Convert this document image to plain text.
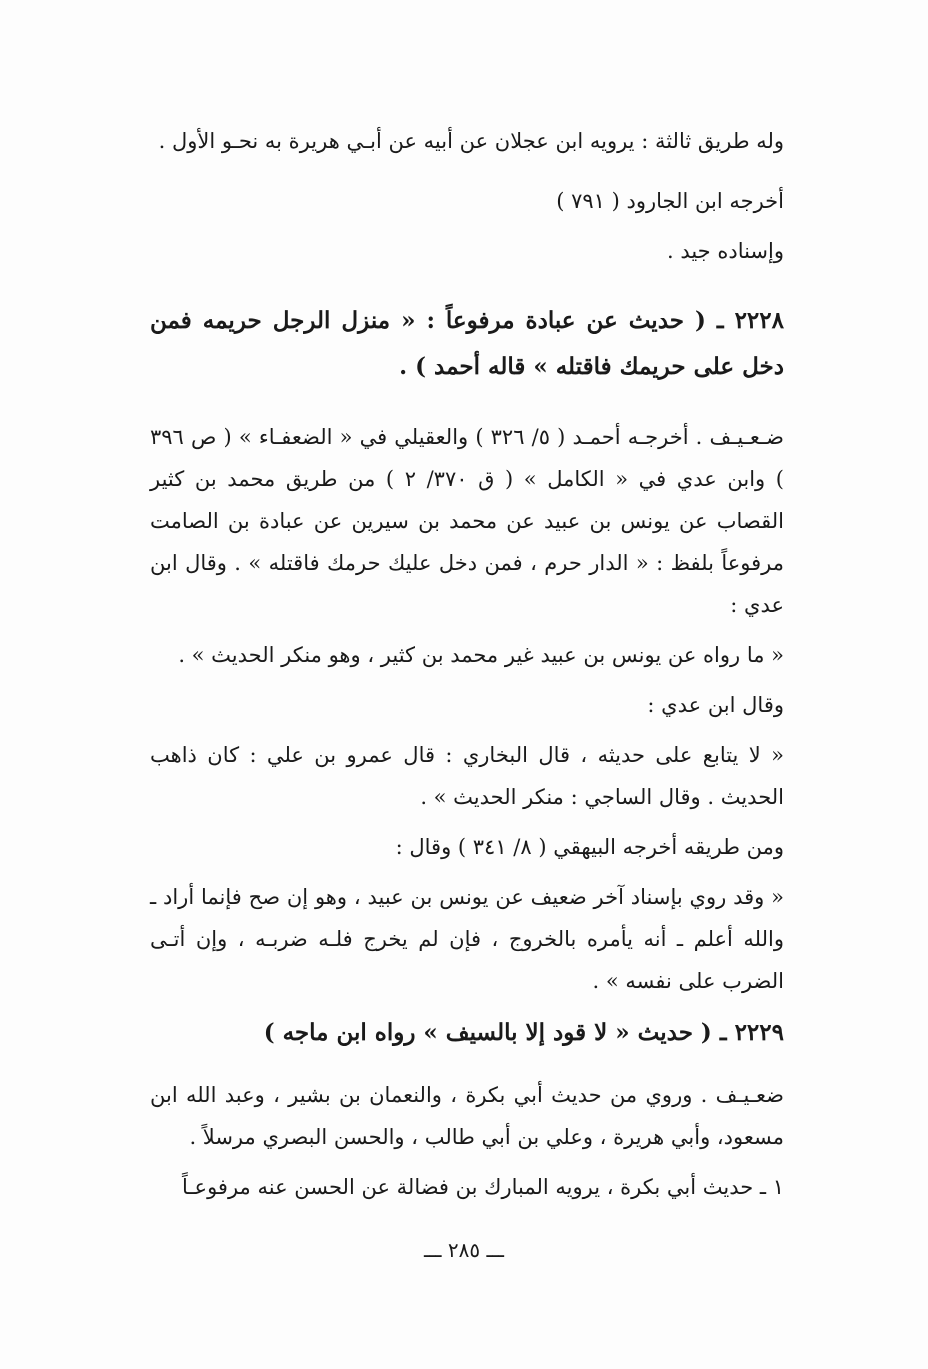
وله طريق ثالثة : يرويه ابن عجلان عن أبيه عن أبـي هريرة به نحـو الأول .

أخرجه ابن الجارود ( ٧٩١ )

وإسناده جيد .

٢٢٢٨ ـ ( حديث عن عبادة مرفوعاً : « منزل الرجل حريمه فمن دخل على حريمك فاقتله » قاله أحمد ) .

ضـعـيـف . أخرجـه أحمـد ( ٥/ ٣٢٦ ) والعقيلي في « الضعفـاء » ( ص ٣٩٦ ) وابن عدي في « الكامل » ( ق ٣٧٠/ ٢ ) من طريق محمد بن كثير القصاب عن يونس بن عبيد عن محمد بن سيرين عن عبادة بن الصامت مرفوعاً بلفظ : « الدار حرم ، فمن دخل عليك حرمك فاقتله » . وقال ابن عدي :

« ما رواه عن يونس بن عبيد غير محمد بن كثير ، وهو منكر الحديث » .

وقال ابن عدي :

« لا يتابع على حديثه ، قال البخاري : قال عمرو بن علي : كان ذاهب الحديث . وقال الساجي : منكر الحديث » .

ومن طريقه أخرجه البيهقي ( ٨/ ٣٤١ ) وقال :

« وقد روي بإسناد آخر ضعيف عن يونس بن عبيد ، وهو إن صح فإنما أراد ـ والله أعلم ـ أنه يأمره بالخروج ، فإن لم يخرج فلـه ضربـه ، وإن أتـى الضرب على نفسه » .

٢٢٢٩ ـ ( حديث « لا قود إلا بالسيف » رواه ابن ماجه )

ضعـيـف . وروي من حديث أبي بكرة ، والنعمان بن بشير ، وعبد الله ابن مسعود، وأبي هريرة ، وعلي بن أبي طالب ، والحسن البصري مرسلاً .

١ ـ حديث أبي بكرة ، يرويه المبارك بن فضالة عن الحسن عنه مرفوعـاً

ـــ ٢٨٥ ـــ
